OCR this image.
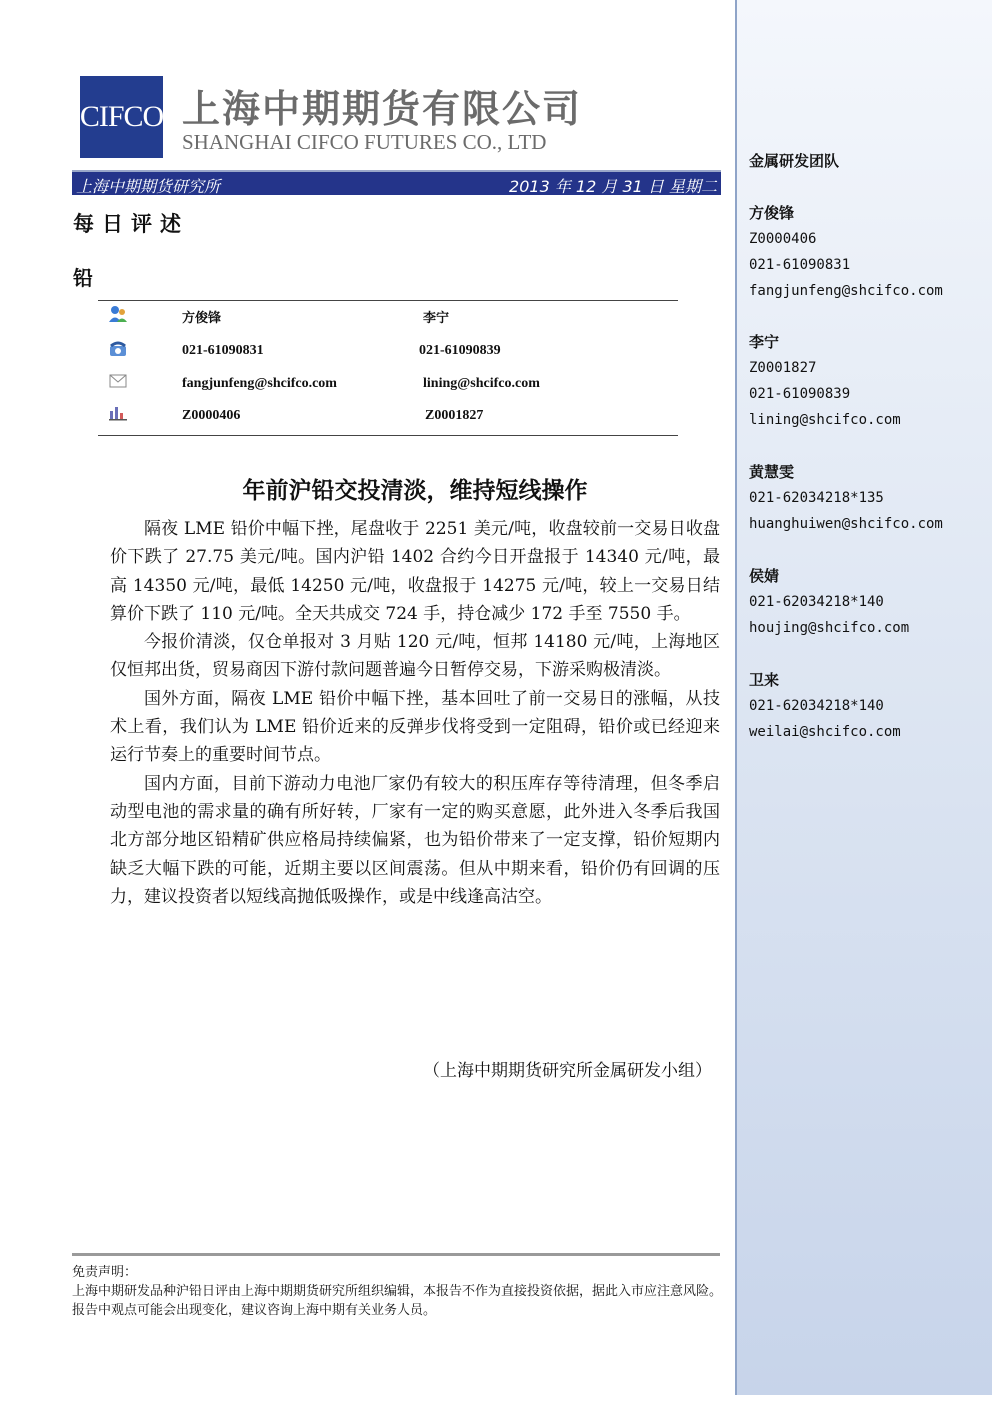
金属研发团队
方俊锋
Z0000406
021-61090831
fangjunfeng@shcifco.com
李宁
Z0001827
021-61090839
lining@shcifco.com
黄慧雯
021-62034218*135
huanghuiwen@shcifco.com
侯婧
021-62034218*140
houjing@shcifco.com
卫来
021-62034218*140
weilai@shcifco.com
CIFCO 上海中期期货有限公司
SHANGHAI CIFCO FUTURES CO., LTD
上海中期期货研究所	2013 年 12 月 31 日 星期二
每日评述
铅
方俊锋	李宁
021-61090831	021-61090839
fangjunfeng@shcifco.com	lining@shcifco.com
Z0000406	Z0001827
年前沪铅交投清淡，维持短线操作

隔夜 LME 铅价中幅下挫，尾盘收于 2251 美元/吨，收盘较前一交易日收盘价下跌了 27.75 美元/吨。国内沪铅 1402 合约今日开盘报于 14340 元/吨，最高 14350 元/吨，最低 14250 元/吨，收盘报于 14275 元/吨，较上一交易日结算价下跌了 110 元/吨。全天共成交 724 手，持仓减少 172 手至 7550 手。

今报价清淡，仅仓单报对 3 月贴 120 元/吨，恒邦 14180 元/吨，上海地区仅恒邦出货，贸易商因下游付款问题普遍今日暂停交易，下游采购极清淡。

国外方面，隔夜 LME 铅价中幅下挫，基本回吐了前一交易日的涨幅，从技术上看，我们认为 LME 铅价近来的反弹步伐将受到一定阻碍，铅价或已经迎来运行节奏上的重要时间节点。

国内方面，目前下游动力电池厂家仍有较大的积压库存等待清理，但冬季启动型电池的需求量的确有所好转，厂家有一定的购买意愿，此外进入冬季后我国北方部分地区铅精矿供应格局持续偏紧，也为铅价带来了一定支撑，铅价短期内缺乏大幅下跌的可能，近期主要以区间震荡。但从中期来看，铅价仍有回调的压力，建议投资者以短线高抛低吸操作，或是中线逢高沽空。

（上海中期期货研究所金属研发小组）
免责声明：
上海中期研发品种沪铅日评由上海中期期货研究所组织编辑，本报告不作为直接投资依据，据此入市应注意风险。报告中观点可能会出现变化，建议咨询上海中期有关业务人员。
